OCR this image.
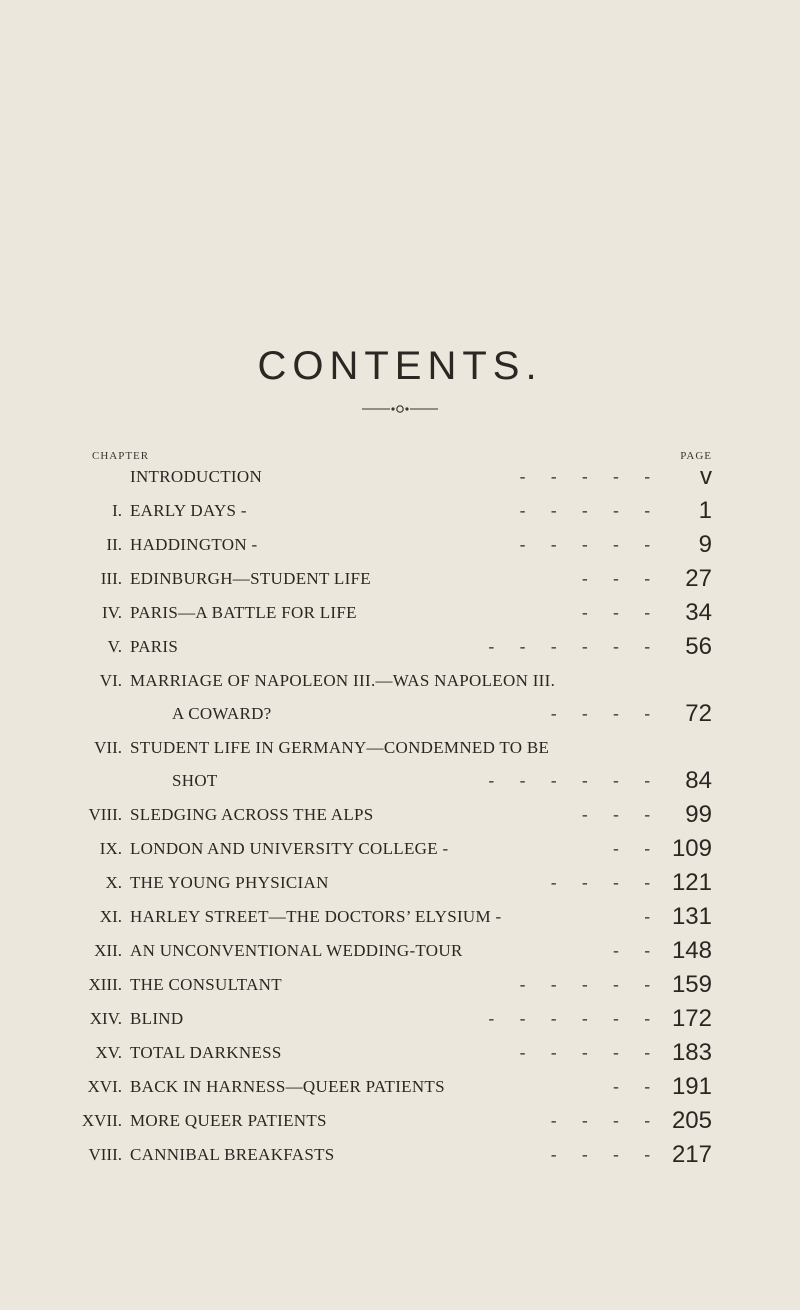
CONTENTS.
CHAPTER	PAGE
INTRODUCTION	-      -      -      -      -	v
I. EARLY DAYS -	-      -      -      -      -	1
II. HADDINGTON -	-      -      -      -      -	9
III. EDINBURGH—STUDENT LIFE	-      -      -	27
IV. PARIS—A BATTLE FOR LIFE	-      -      -	34
V. PARIS	-      -      -      -      -      -	56
VI. MARRIAGE OF NAPOLEON III.—WAS NAPOLEON III.
A COWARD?	-      -      -      -	72
VII. STUDENT LIFE IN GERMANY—CONDEMNED TO BE
SHOT	-      -      -      -      -      -	84
VIII. SLEDGING ACROSS THE ALPS	-      -      -	99
IX. LONDON AND UNIVERSITY COLLEGE -	-      - 109
X. THE YOUNG PHYSICIAN	-      -      -      - 121
XI. HARLEY STREET—THE DOCTORS’ ELYSIUM -	- 131
XII. AN UNCONVENTIONAL WEDDING-TOUR	-      - 148
XIII. THE CONSULTANT	-      -      -      -      - 159
XIV. BLIND	-      -      -      -      -      - 172
XV. TOTAL DARKNESS	-      -      -      -      - 183
XVI. BACK IN HARNESS—QUEER PATIENTS	-      - 191
XVII. MORE QUEER PATIENTS	-      -      -      - 205
VIII. CANNIBAL BREAKFASTS	-      -      -      - 217
